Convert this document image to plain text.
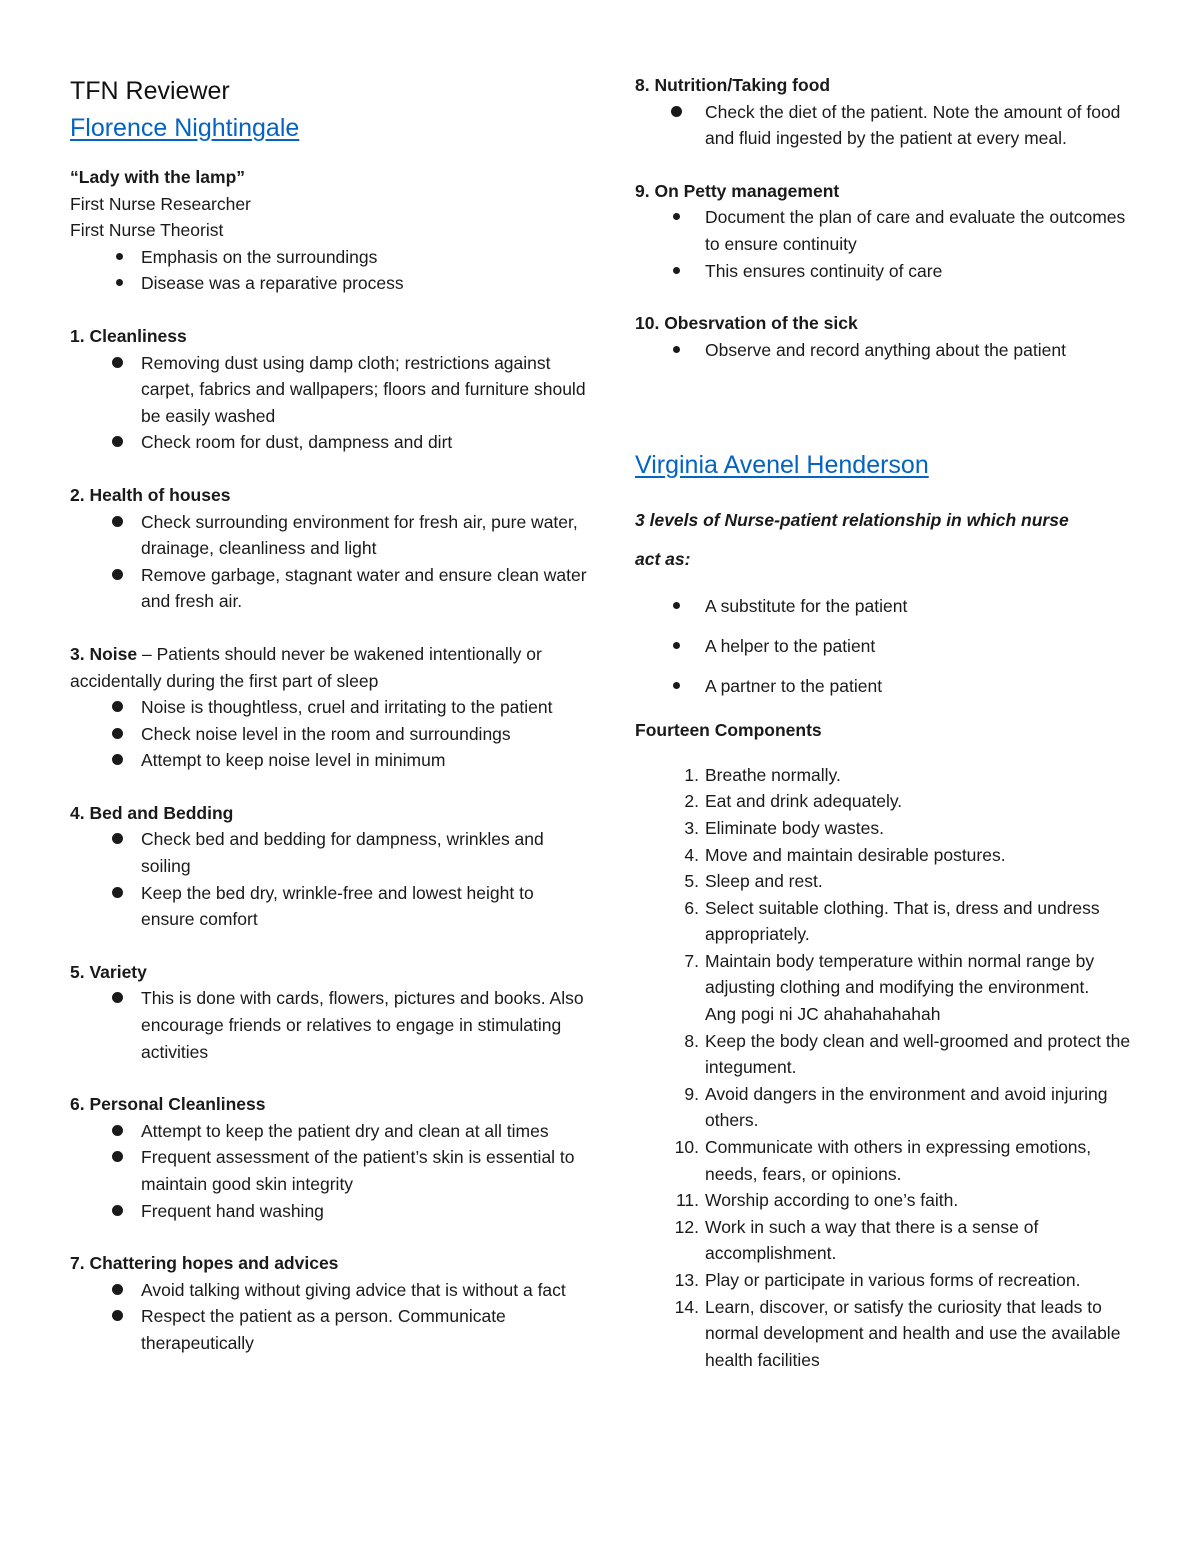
TFN Reviewer
Florence Nightingale
“Lady with the lamp”
First Nurse Researcher
First Nurse Theorist
Emphasis on the surroundings
Disease was a reparative process
1. Cleanliness
Removing dust using damp cloth; restrictions against carpet, fabrics and wallpapers; floors and furniture should be easily washed
Check room for dust, dampness and dirt
2. Health of houses
Check surrounding environment for fresh air, pure water, drainage, cleanliness and light
Remove garbage, stagnant water and ensure clean water and fresh air.
3. Noise – Patients should never be wakened intentionally or accidentally during the first part of sleep
Noise is thoughtless, cruel and irritating to the patient
Check noise level in the room and surroundings
Attempt to keep noise level in minimum
4. Bed and Bedding
Check bed and bedding for dampness, wrinkles and soiling
Keep the bed dry, wrinkle-free and lowest height to ensure comfort
5. Variety
This is done with cards, flowers, pictures and books. Also encourage friends or relatives to engage in stimulating activities
6. Personal Cleanliness
Attempt to keep the patient dry and clean at all times
Frequent assessment of the patient’s skin is essential to maintain good skin integrity
Frequent hand washing
7. Chattering hopes and advices
Avoid talking without giving advice that is without a fact
Respect the patient as a person. Communicate therapeutically
8. Nutrition/Taking food
Check the diet of the patient. Note the amount of food and fluid ingested by the patient at every meal.
9. On Petty management
Document the plan of care and evaluate the outcomes to ensure continuity
This ensures continuity of care
10. Obesrvation of the sick
Observe and record anything about the patient
Virginia Avenel Henderson
3 levels of Nurse-patient relationship in which nurse
act as:
A substitute for the patient
A helper to the patient
A partner to the patient
Fourteen Components
1. Breathe normally.
2. Eat and drink adequately.
3. Eliminate body wastes.
4. Move and maintain desirable postures.
5. Sleep and rest.
6. Select suitable clothing. That is, dress and undress appropriately.
7. Maintain body temperature within normal range by adjusting clothing and modifying the environment.
Ang pogi ni JC ahahahahahah
8. Keep the body clean and well-groomed and protect the integument.
9. Avoid dangers in the environment and avoid injuring others.
10. Communicate with others in expressing emotions, needs, fears, or opinions.
11. Worship according to one’s faith.
12. Work in such a way that there is a sense of accomplishment.
13. Play or participate in various forms of recreation.
14. Learn, discover, or satisfy the curiosity that leads to normal development and health and use the available health facilities
